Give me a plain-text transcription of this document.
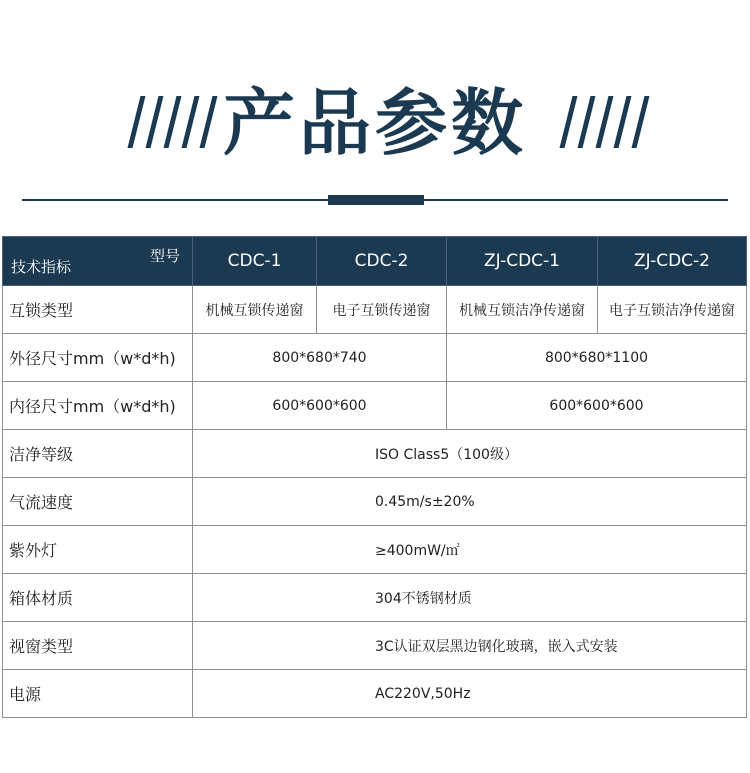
产品参数
型号
技术指标	CDC-1	CDC-2	ZJ-CDC-1	ZJ-CDC-2
互锁类型	机械互锁传递窗	电子互锁传递窗	机械互锁洁净传递窗	电子互锁洁净传递窗
外径尺寸mm（w*d*h)	800*680*740		800*680*1100	
内径尺寸mm（w*d*h)	600*600*600		600*600*600	
洁净等级	ISO Class5（100级）			
气流速度	0.45m/s±20%			
紫外灯	≥400mW/㎡			
箱体材质	304不锈钢材质			
视窗类型	3C认证双层黑边钢化玻璃，嵌入式安装			
电源	AC220V,50Hz			
